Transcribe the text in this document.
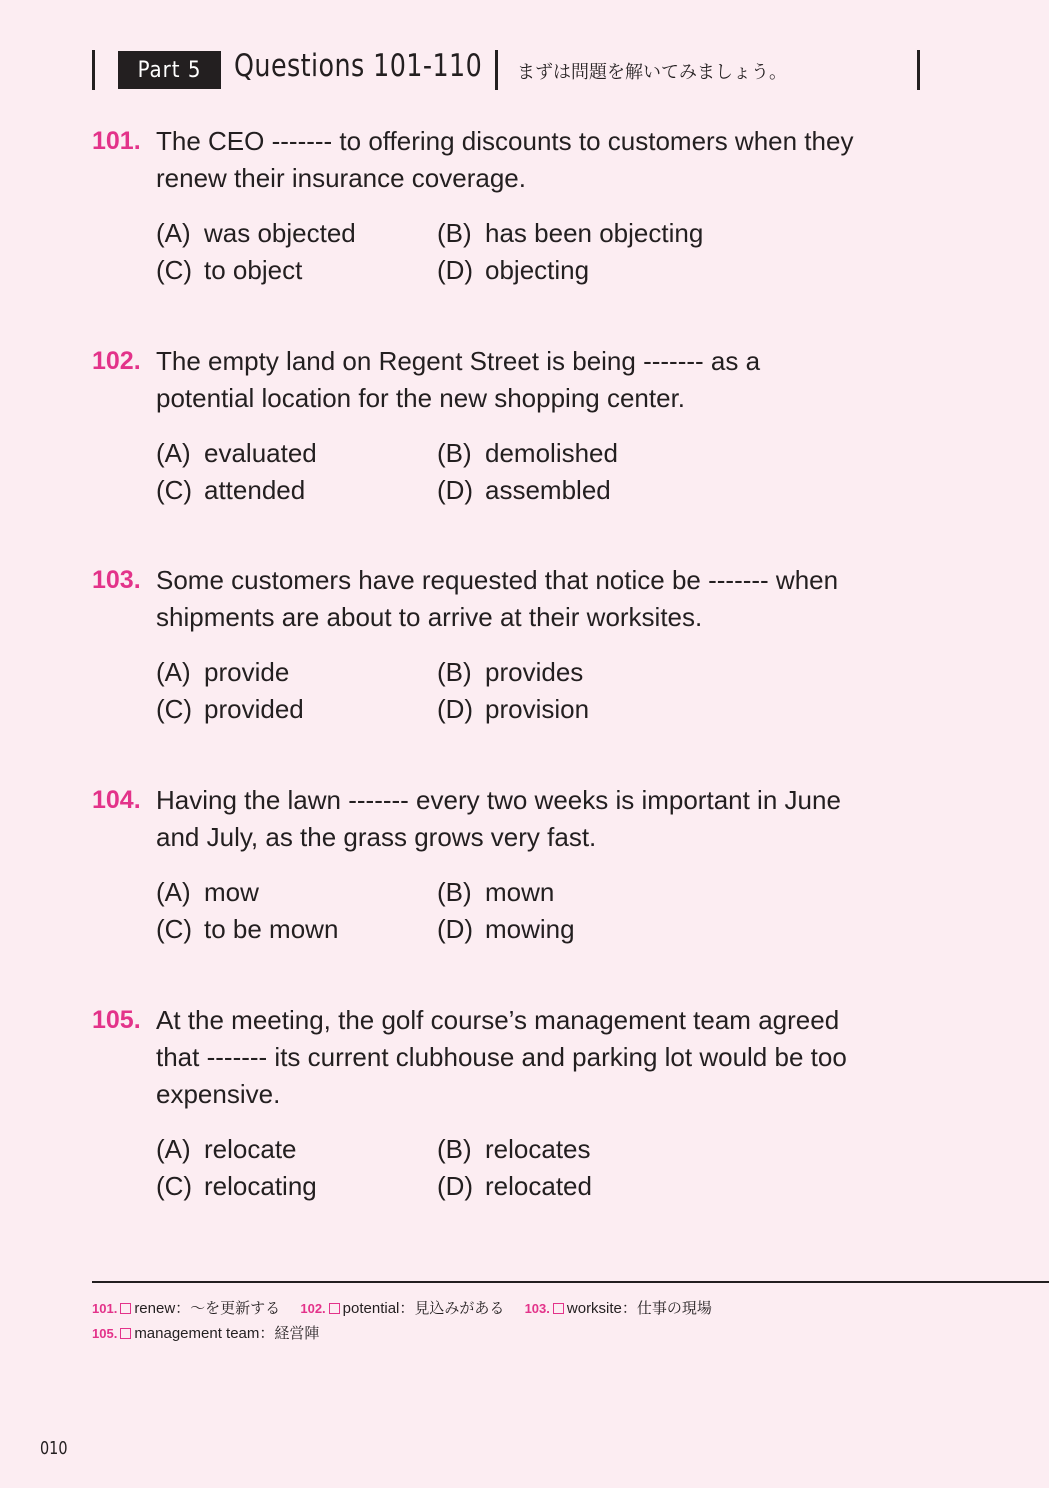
Part 5	Questions 101-110 まずは問題を解いてみましょう。
101. The CEO ------- to offering discounts to customers when they
renew their insurance coverage.
(A) was objected	(B) has been objecting
(C) to object	(D) objecting
102. The empty land on Regent Street is being ------- as a
potential location for the new shopping center.
(A) evaluated	(B) demolished
(C) attended	(D) assembled
103. Some customers have requested that notice be ------- when
shipments are about to arrive at their worksites.
(A) provide	(B) provides
(C) provided	(D) provision
104. Having the lawn ------- every two weeks is important in June
and July, as the grass grows very fast.
(A) mow	(B) mown
(C) to be mown	(D) mowing
105. At the meeting, the golf course’s management team agreed
that ------- its current clubhouse and parking lot would be too
expensive.
(A) relocate	(B) relocates
(C) relocating	(D) relocated
101. renew：～を更新する 102. potential：見込みがある 103. worksite：仕事の現場
105. management team：経営陣
010
